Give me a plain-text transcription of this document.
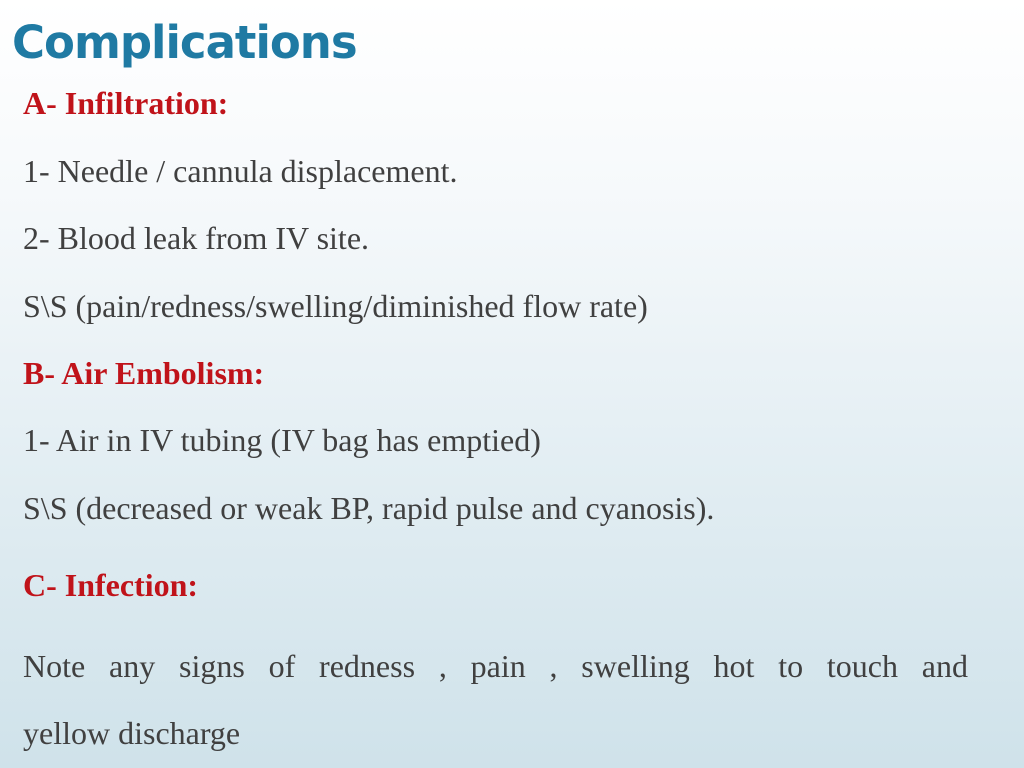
Complications
A- Infiltration:
1- Needle / cannula displacement.
2- Blood leak from IV site.
S\S (pain/redness/swelling/diminished flow rate)
B- Air Embolism:
1- Air in IV tubing (IV bag has emptied)
S\S (decreased or weak BP, rapid pulse and cyanosis).
C- Infection:
Note any signs of redness , pain , swelling hot to touch and
yellow discharge
